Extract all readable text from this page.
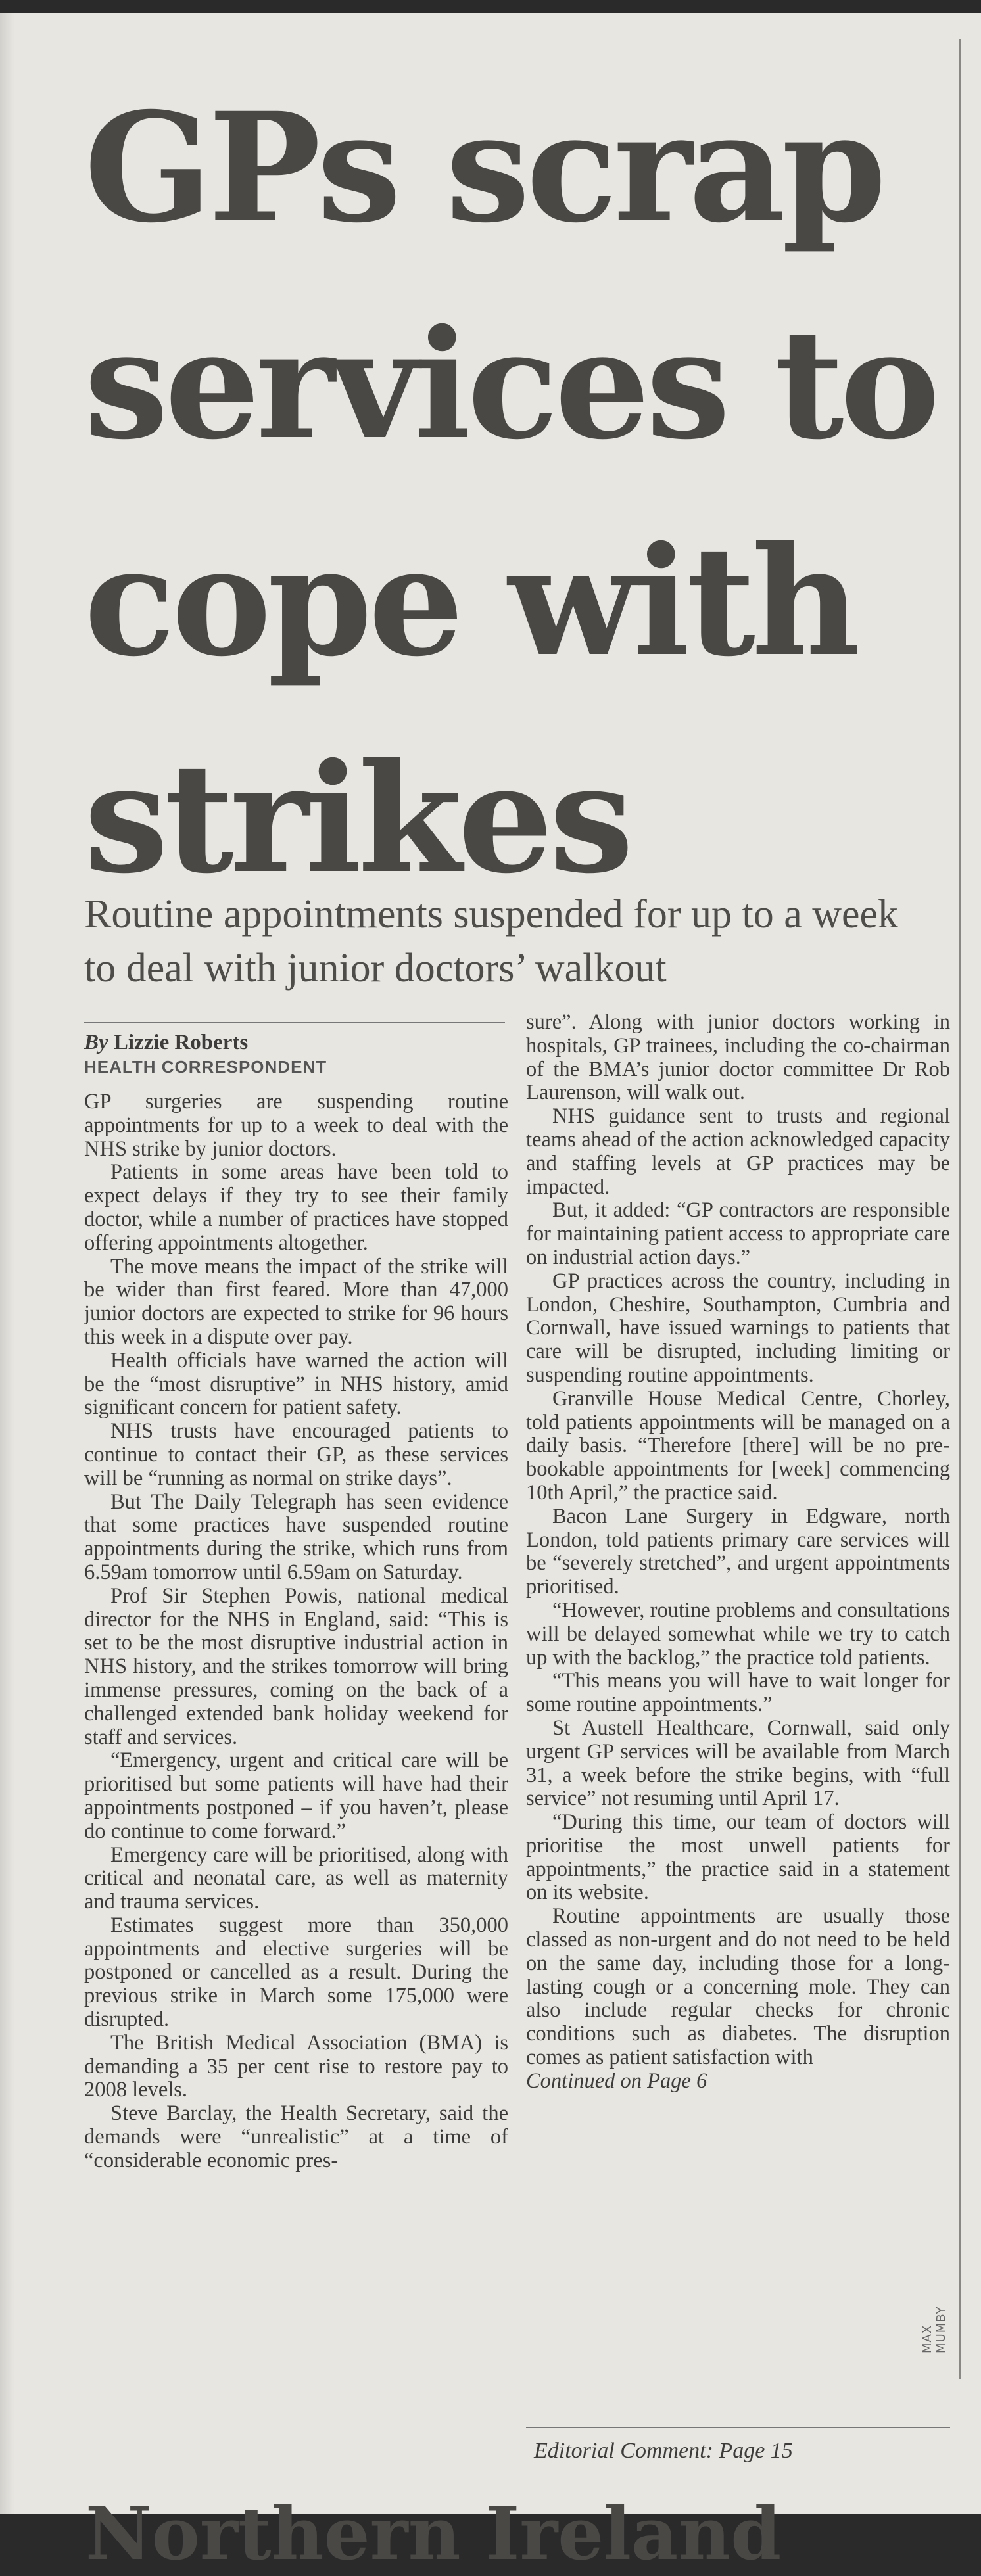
MAX MUMBY
GPs scrap services to cope with strikes

Routine appointments suspended for up to a week to deal with junior doctors’ walkout

By Lizzie Roberts
HEALTH CORRESPONDENT

GP surgeries are suspending routine appointments for up to a week to deal with the NHS strike by junior doctors.

Patients in some areas have been told to expect delays if they try to see their family doctor, while a number of practices have stopped offering appointments altogether.

The move means the impact of the strike will be wider than first feared. More than 47,000 junior doctors are expected to strike for 96 hours this week in a dispute over pay.

Health officials have warned the action will be the “most disruptive” in NHS history, amid significant concern for patient safety.

NHS trusts have encouraged patients to continue to contact their GP, as these services will be “running as normal on strike days”.

But The Daily Telegraph has seen evidence that some practices have suspended routine appointments during the strike, which runs from 6.59am tomorrow until 6.59am on Saturday.

Prof Sir Stephen Powis, national medical director for the NHS in England, said: “This is set to be the most disruptive industrial action in NHS history, and the strikes tomorrow will bring immense pressures, coming on the back of a challenged extended bank holiday weekend for staff and services.

“Emergency, urgent and critical care will be prioritised but some patients will have had their appointments postponed – if you haven’t, please do continue to come forward.”

Emergency care will be prioritised, along with critical and neonatal care, as well as maternity and trauma services.

Estimates suggest more than 350,000 appointments and elective surgeries will be postponed or cancelled as a result. During the previous strike in March some 175,000 were disrupted.

The British Medical Association (BMA) is demanding a 35 per cent rise to restore pay to 2008 levels.

Steve Barclay, the Health Secretary, said the demands were “unrealistic” at a time of “considerable economic pres-

sure”. Along with junior doctors working in hospitals, GP trainees, including the co-chairman of the BMA’s junior doctor committee Dr Rob Laurenson, will walk out.

NHS guidance sent to trusts and regional teams ahead of the action acknowledged capacity and staffing levels at GP practices may be impacted.

But, it added: “GP contractors are responsible for maintaining patient access to appropriate care on industrial action days.”

GP practices across the country, including in London, Cheshire, Southampton, Cumbria and Cornwall, have issued warnings to patients that care will be disrupted, including limiting or suspending routine appointments.

Granville House Medical Centre, Chorley, told patients appointments will be managed on a daily basis. “Therefore [there] will be no pre-bookable appointments for [week] commencing 10th April,” the practice said.

Bacon Lane Surgery in Edgware, north London, told patients primary care services will be “severely stretched”, and urgent appointments prioritised.

“However, routine problems and consultations will be delayed somewhat while we try to catch up with the backlog,” the practice told patients.

“This means you will have to wait longer for some routine appointments.”

St Austell Healthcare, Cornwall, said only urgent GP services will be available from March 31, a week before the strike begins, with “full service” not resuming until April 17.

“During this time, our team of doctors will prioritise the most unwell patients for appointments,” the practice said in a statement on its website.

Routine appointments are usually those classed as non-urgent and do not need to be held on the same day, including those for a long-lasting cough or a concerning mole. They can also include regular checks for chronic conditions such as diabetes. The disruption comes as patient satisfaction with

Continued on Page 6

Editorial Comment: Page 15
Northern Ireland
